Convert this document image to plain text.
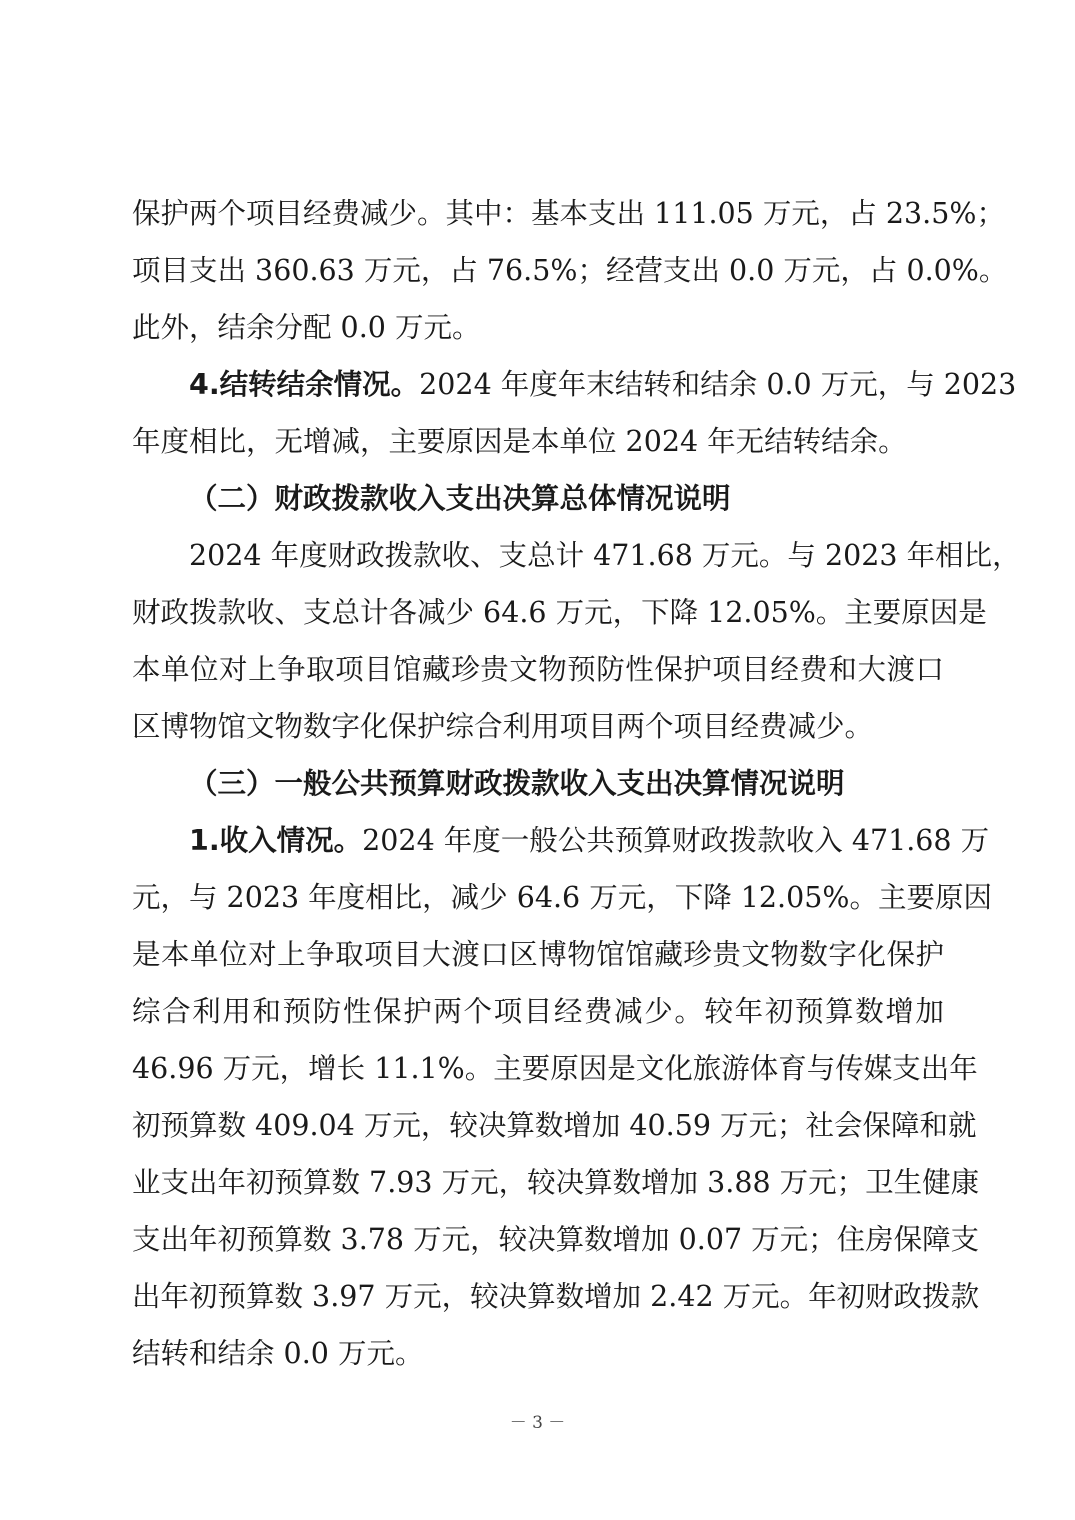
保护两个项目经费减少。其中：基本支出 111.05 万元，占 23.5%；
项目支出 360.63 万元，占 76.5%；经营支出 0.0 万元，占 0.0%。
此外，结余分配 0.0 万元。
4.结转结余情况。2024 年度年末结转和结余 0.0 万元，与 2023
年度相比，无增减，主要原因是本单位 2024 年无结转结余。
（二）财政拨款收入支出决算总体情况说明
2024 年度财政拨款收、支总计 471.68 万元。与 2023 年相比，
财政拨款收、支总计各减少 64.6 万元，下降 12.05%。主要原因是
本单位对上争取项目馆藏珍贵文物预防性保护项目经费和大渡口
区博物馆文物数字化保护综合利用项目两个项目经费减少。
（三）一般公共预算财政拨款收入支出决算情况说明
1.收入情况。2024 年度一般公共预算财政拨款收入 471.68 万
元，与 2023 年度相比，减少 64.6 万元，下降 12.05%。主要原因
是本单位对上争取项目大渡口区博物馆馆藏珍贵文物数字化保护
综合利用和预防性保护两个项目经费减少。较年初预算数增加
46.96 万元，增长 11.1%。主要原因是文化旅游体育与传媒支出年
初预算数 409.04 万元，较决算数增加 40.59 万元；社会保障和就
业支出年初预算数 7.93 万元，较决算数增加 3.88 万元；卫生健康
支出年初预算数 3.78 万元，较决算数增加 0.07 万元；住房保障支
出年初预算数 3.97 万元，较决算数增加 2.42 万元。年初财政拨款
结转和结余 0.0 万元。
－ 3 －
